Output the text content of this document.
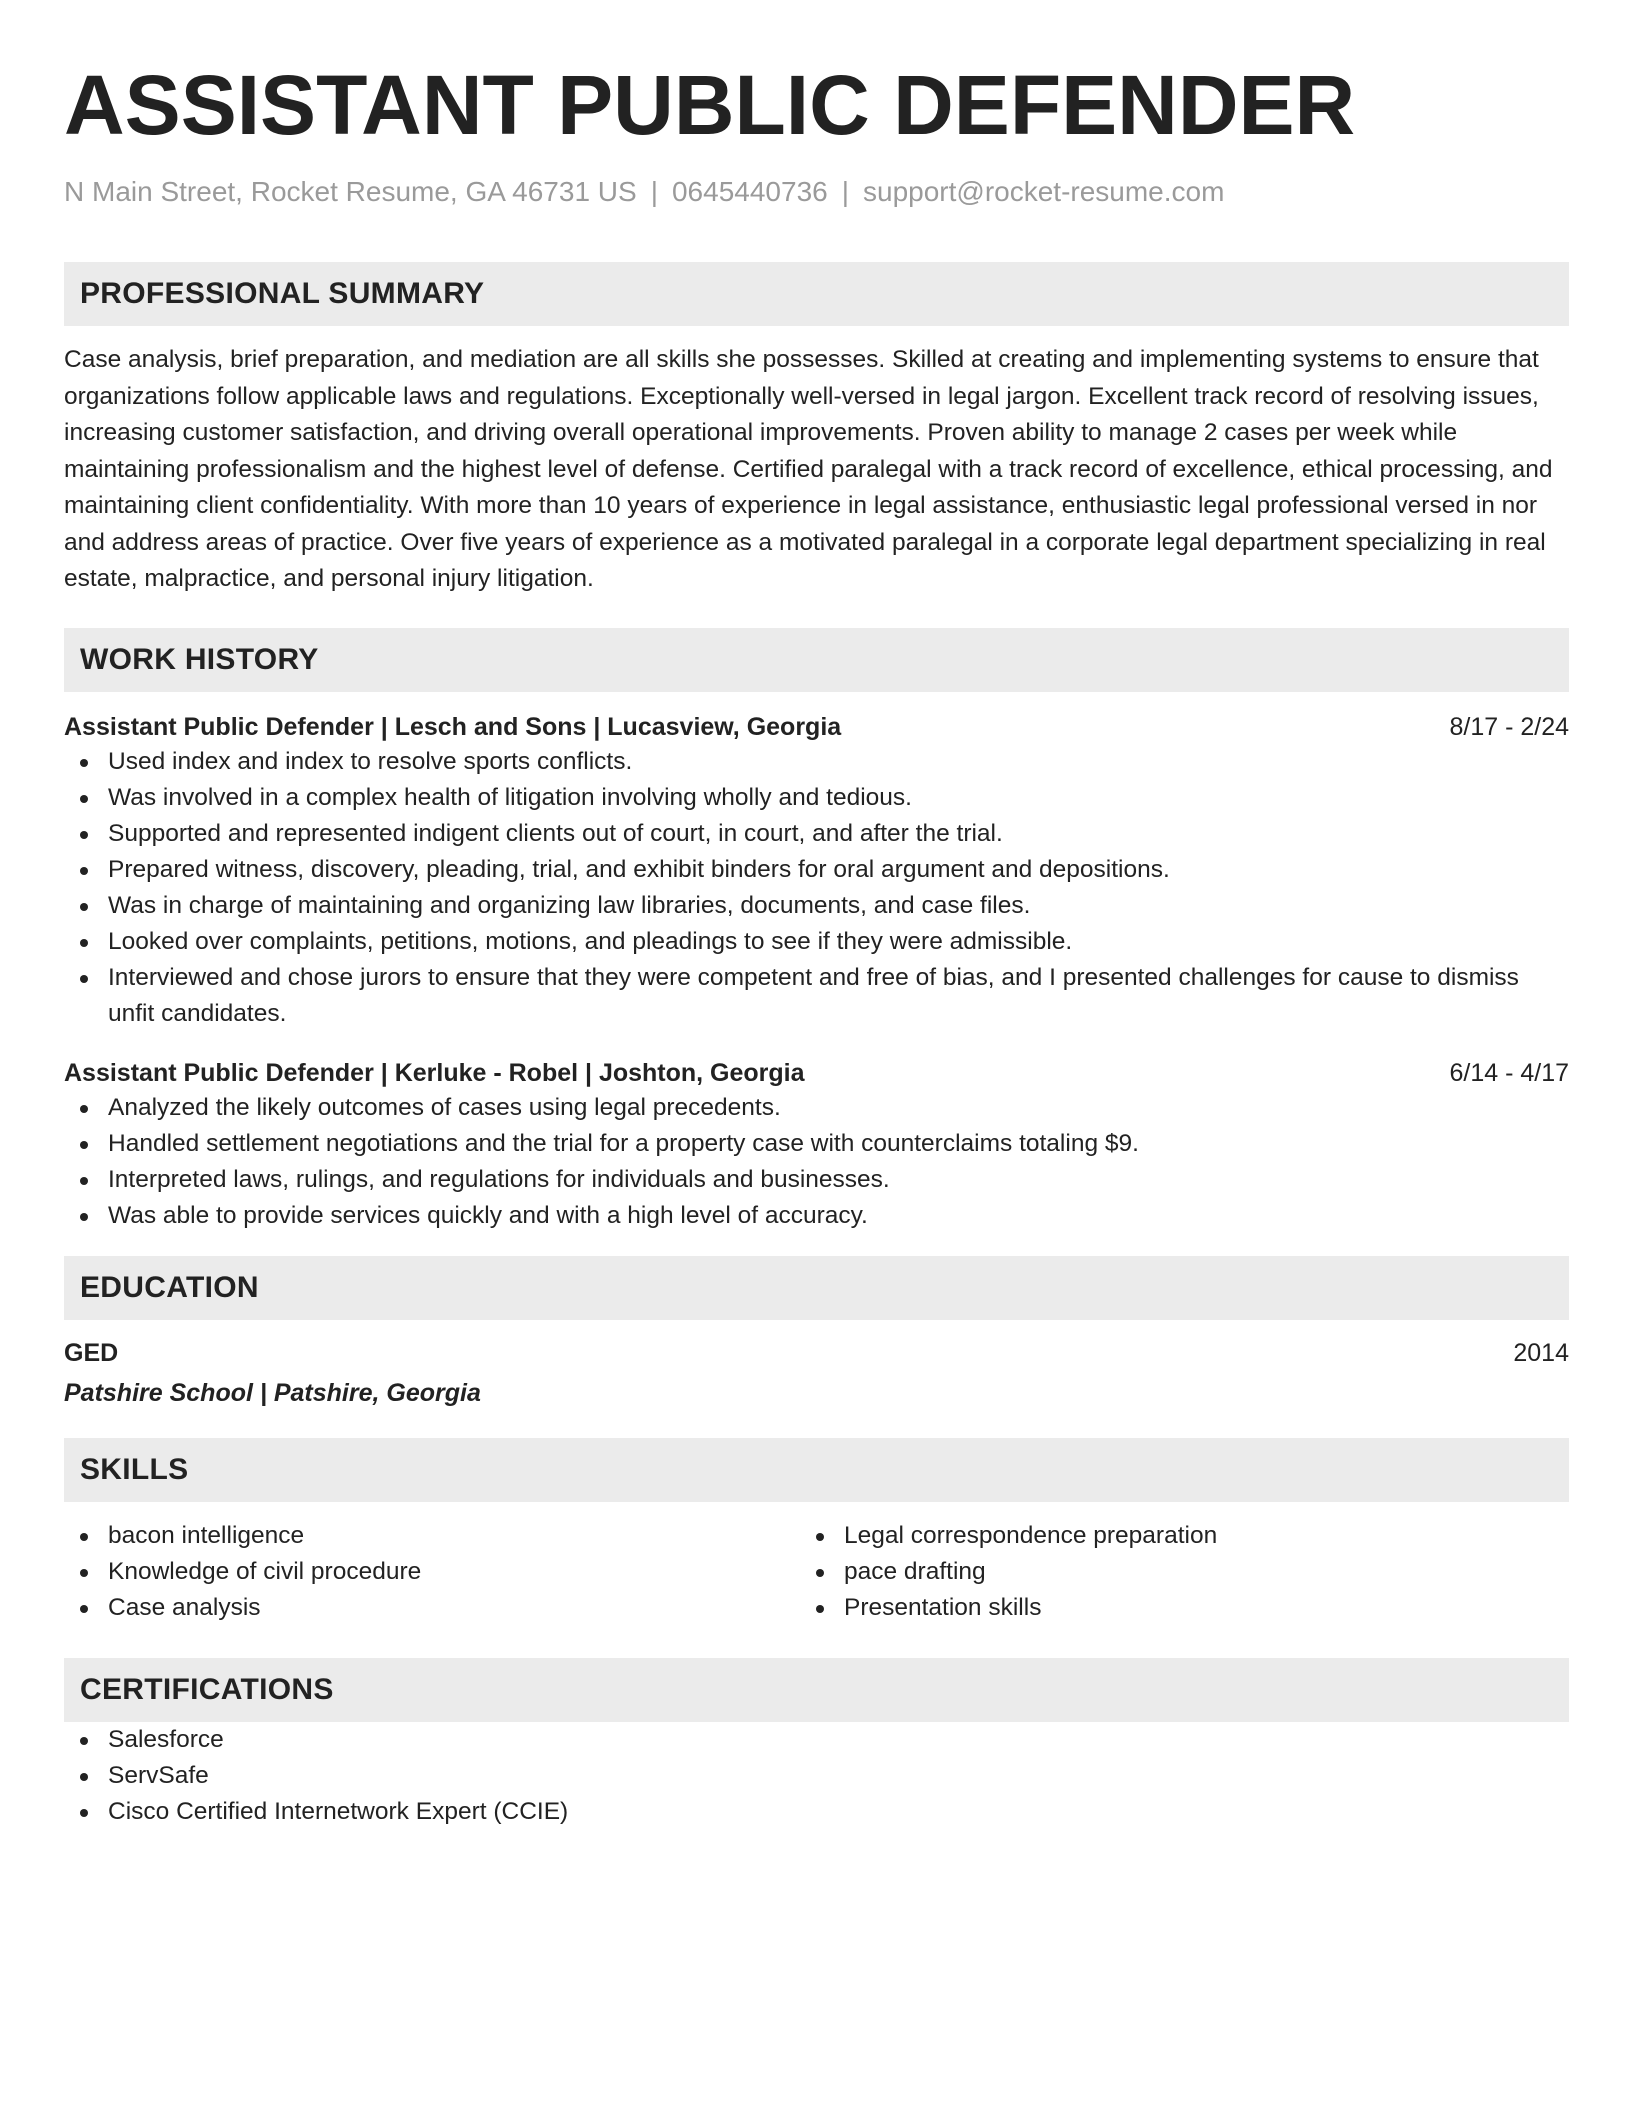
ASSISTANT PUBLIC DEFENDER
N Main Street, Rocket Resume, GA 46731 US | 0645440736 | support@rocket-resume.com
PROFESSIONAL SUMMARY
Case analysis, brief preparation, and mediation are all skills she possesses. Skilled at creating and implementing systems to ensure that organizations follow applicable laws and regulations. Exceptionally well-versed in legal jargon. Excellent track record of resolving issues, increasing customer satisfaction, and driving overall operational improvements. Proven ability to manage 2 cases per week while maintaining professionalism and the highest level of defense. Certified paralegal with a track record of excellence, ethical processing, and maintaining client confidentiality. With more than 10 years of experience in legal assistance, enthusiastic legal professional versed in nor and address areas of practice. Over five years of experience as a motivated paralegal in a corporate legal department specializing in real estate, malpractice, and personal injury litigation.
WORK HISTORY
Assistant Public Defender | Lesch and Sons | Lucasview, Georgia	8/17 - 2/24
Used index and index to resolve sports conflicts.
Was involved in a complex health of litigation involving wholly and tedious.
Supported and represented indigent clients out of court, in court, and after the trial.
Prepared witness, discovery, pleading, trial, and exhibit binders for oral argument and depositions.
Was in charge of maintaining and organizing law libraries, documents, and case files.
Looked over complaints, petitions, motions, and pleadings to see if they were admissible.
Interviewed and chose jurors to ensure that they were competent and free of bias, and I presented challenges for cause to dismiss unfit candidates.
Assistant Public Defender | Kerluke - Robel | Joshton, Georgia	6/14 - 4/17
Analyzed the likely outcomes of cases using legal precedents.
Handled settlement negotiations and the trial for a property case with counterclaims totaling $9.
Interpreted laws, rulings, and regulations for individuals and businesses.
Was able to provide services quickly and with a high level of accuracy.
EDUCATION
GED	2014
Patshire School | Patshire, Georgia
SKILLS
bacon intelligence
Knowledge of civil procedure
Case analysis
Legal correspondence preparation
pace drafting
Presentation skills
CERTIFICATIONS
Salesforce
ServSafe
Cisco Certified Internetwork Expert (CCIE)
